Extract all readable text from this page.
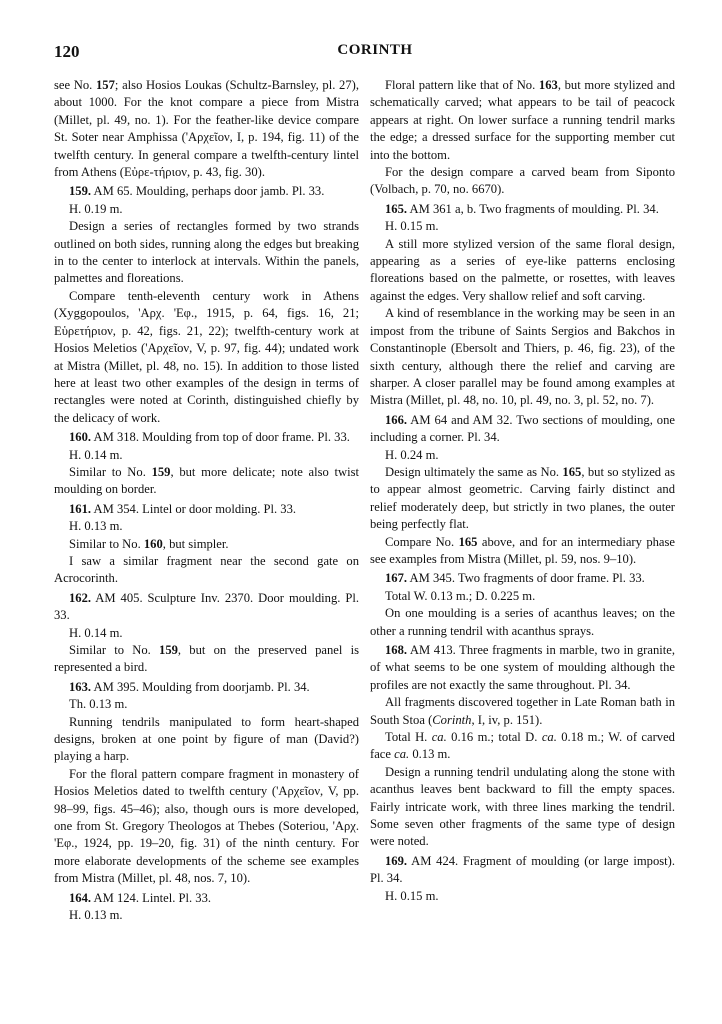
120	CORINTH

see No. 157; also Hosios Loukas (Schultz-Barnsley, pl. 27), about 1000. For the knot compare a piece from Mistra (Millet, pl. 49, no. 1). For the feather-like device compare St. Soter near Amphissa ('Αρχεῖον, I, p. 194, fig. 11) of the twelfth century. In general compare a twelfth-century lintel from Athens (Εὐρε-τήριον, p. 43, fig. 30).

159. AM 65. Moulding, perhaps door jamb. Pl. 33.

H. 0.19 m.

Design a series of rectangles formed by two strands outlined on both sides, running along the edges but breaking in to the center to interlock at intervals. Within the panels, palmettes and floreations.

Compare tenth-eleventh century work in Athens (Xyggopoulos, 'Αρχ. 'Εφ., 1915, p. 64, figs. 16, 21; Εὑρετήριον, p. 42, figs. 21, 22); twelfth-century work at Hosios Meletios ('Αρχεῖον, V, p. 97, fig. 44); undated work at Mistra (Millet, pl. 48, no. 15). In addition to those listed here at least two other examples of the design in terms of rectangles were noted at Corinth, distinguished chiefly by the delicacy of work.

160. AM 318. Moulding from top of door frame. Pl. 33.

H. 0.14 m.

Similar to No. 159, but more delicate; note also twist moulding on border.

161. AM 354. Lintel or door molding. Pl. 33.

H. 0.13 m.

Similar to No. 160, but simpler.

I saw a similar fragment near the second gate on Acrocorinth.

162. AM 405. Sculpture Inv. 2370. Door moulding. Pl. 33.

H. 0.14 m.

Similar to No. 159, but on the preserved panel is represented a bird.

163. AM 395. Moulding from doorjamb. Pl. 34.

Th. 0.13 m.

Running tendrils manipulated to form heart-shaped designs, broken at one point by figure of man (David?) playing a harp.

For the floral pattern compare fragment in monastery of Hosios Meletios dated to twelfth century ('Αρχεῖον, V, pp. 98–99, figs. 45–46); also, though ours is more developed, one from St. Gregory Theologos at Thebes (Soteriou, 'Αρχ. 'Εφ., 1924, pp. 19–20, fig. 31) of the ninth century. For more elaborate developments of the scheme see examples from Mistra (Millet, pl. 48, nos. 7, 10).

164. AM 124. Lintel. Pl. 33.

H. 0.13 m.

Floral pattern like that of No. 163, but more stylized and schematically carved; what appears to be tail of peacock appears at right. On lower surface a running tendril marks the edge; a dressed surface for the supporting member cut into the bottom.

For the design compare a carved beam from Siponto (Volbach, p. 70, no. 6670).

165. AM 361 a, b. Two fragments of moulding. Pl. 34.

H. 0.15 m.

A still more stylized version of the same floral design, appearing as a series of eye-like patterns enclosing floreations based on the palmette, or rosettes, with leaves against the edges. Very shallow relief and soft carving.

A kind of resemblance in the working may be seen in an impost from the tribune of Saints Sergios and Bakchos in Constantinople (Ebersolt and Thiers, p. 46, fig. 23), of the sixth century, although there the relief and carving are sharper. A closer parallel may be found among examples at Mistra (Millet, pl. 48, no. 10, pl. 49, no. 3, pl. 52, no. 7).

166. AM 64 and AM 32. Two sections of moulding, one including a corner. Pl. 34.

H. 0.24 m.

Design ultimately the same as No. 165, but so stylized as to appear almost geometric. Carving fairly distinct and relief moderately deep, but strictly in two planes, the outer being perfectly flat.

Compare No. 165 above, and for an intermediary phase see examples from Mistra (Millet, pl. 59, nos. 9–10).

167. AM 345. Two fragments of door frame. Pl. 33.

Total W. 0.13 m.; D. 0.225 m.

On one moulding is a series of acanthus leaves; on the other a running tendril with acanthus sprays.

168. AM 413. Three fragments in marble, two in granite, of what seems to be one system of moulding although the profiles are not exactly the same throughout. Pl. 34.

All fragments discovered together in Late Roman bath in South Stoa (Corinth, I, iv, p. 151).

Total H. ca. 0.16 m.; total D. ca. 0.18 m.; W. of carved face ca. 0.13 m.

Design a running tendril undulating along the stone with acanthus leaves bent backward to fill the empty spaces. Fairly intricate work, with three lines marking the tendril. Some seven other fragments of the same type of design were noted.

169. AM 424. Fragment of moulding (or large impost). Pl. 34.

H. 0.15 m.
